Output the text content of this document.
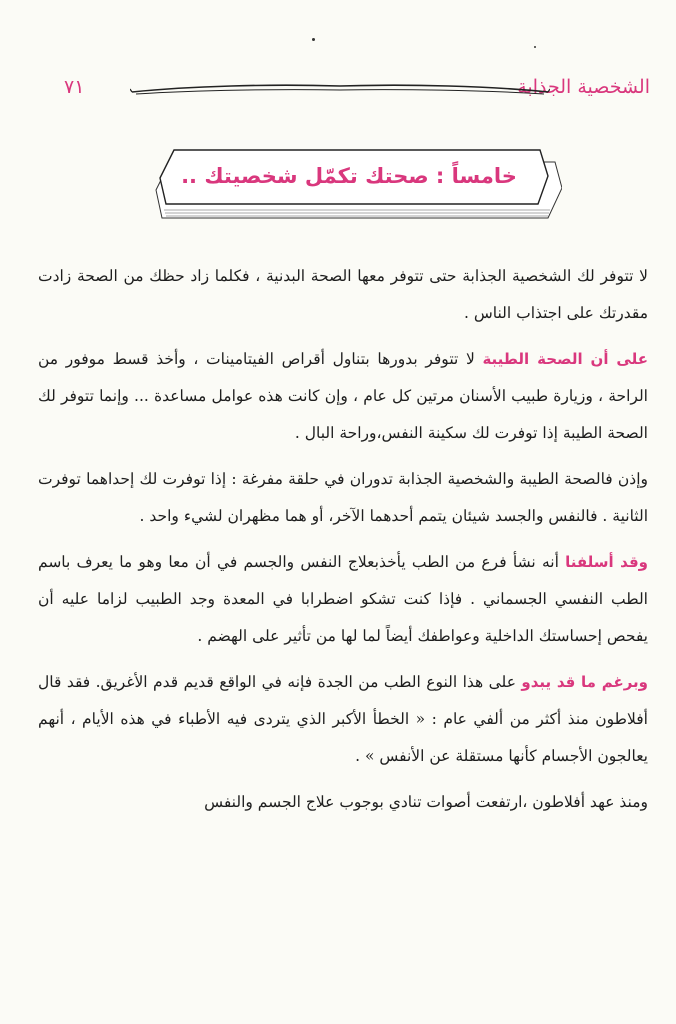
الشخصية الجذابة
٧١
خامساً : صحتك تكمّل شخصيتك ..

لا تتوفر لك الشخصية الجذابة حتى تتوفر معها الصحة البدنية ، فكلما زاد حظك من الصحة زادت مقدرتك على اجتذاب الناس .

على أن الصحة الطيبة لا تتوفر بدورها بتناول أقراص الفيتامينات ، وأخذ قسط موفور من الراحة ، وزيارة طبيب الأسنان مرتين كل عام ، وإن كانت هذه عوامل مساعدة ... وإنما تتوفر لك الصحة الطيبة إذا توفرت لك سكينة النفس،وراحة البال .

وإذن فالصحة الطيبة والشخصية الجذابة تدوران في حلقة مفرغة : إذا توفرت لك إحداهما توفرت الثانية . فالنفس والجسد شيئان يتمم أحدهما الآخر، أو هما مظهران لشيء واحد .

وقد أسلفنا أنه نشأ فرع من الطب يأخذبعلاج النفس والجسم في أن معا وهو ما يعرف باسم الطب النفسي الجسماني . فإذا كنت تشكو اضطرابا في المعدة وجد الطبيب لزاما عليه أن يفحص إحساستك الداخلية وعواطفك أيضاً لما لها من تأثير على الهضم .

وبرغم ما قد يبدو على هذا النوع الطب من الجدة فإنه في الواقع قديم قدم الأغريق. فقد قال أفلاطون منذ أكثر من ألفي عام : « الخطأ الأكبر الذي يتردى فيه الأطباء في هذه الأيام ، أنهم يعالجون الأجسام كأنها مستقلة عن الأنفس » .

ومنذ عهد أفلاطون ،ارتفعت أصوات تنادي بوجوب علاج الجسم والنفس
